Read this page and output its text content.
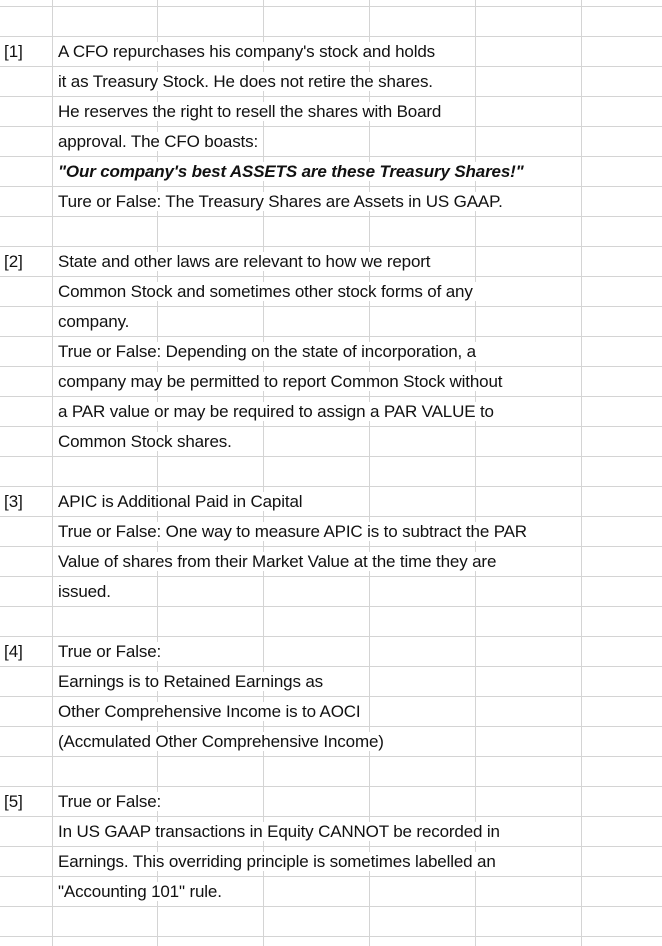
[1] A CFO repurchases his company's stock and holds
it as Treasury Stock. He does not retire the shares.
He reserves the right to resell the shares with Board
approval. The CFO boasts:
"Our company's best ASSETS are these Treasury Shares!"
Ture or False: The Treasury Shares are Assets in US GAAP.
[2] State and other laws are relevant to how we report
Common Stock and sometimes other stock forms of any
company.
True or False: Depending on the state of incorporation, a
company may be permitted to report Common Stock without
a PAR value or may be required to assign a PAR VALUE to
Common Stock shares.
[3] APIC is Additional Paid in Capital
True or False: One way to measure APIC is to subtract the PAR
Value of shares from their Market Value at the time they are
issued.
[4] True or False:
Earnings is to Retained Earnings as
Other Comprehensive Income is to AOCI
(Accmulated Other Comprehensive Income)
[5] True or False:
In US GAAP transactions in Equity CANNOT be recorded in
Earnings. This overriding principle is sometimes labelled an
"Accounting 101" rule.
